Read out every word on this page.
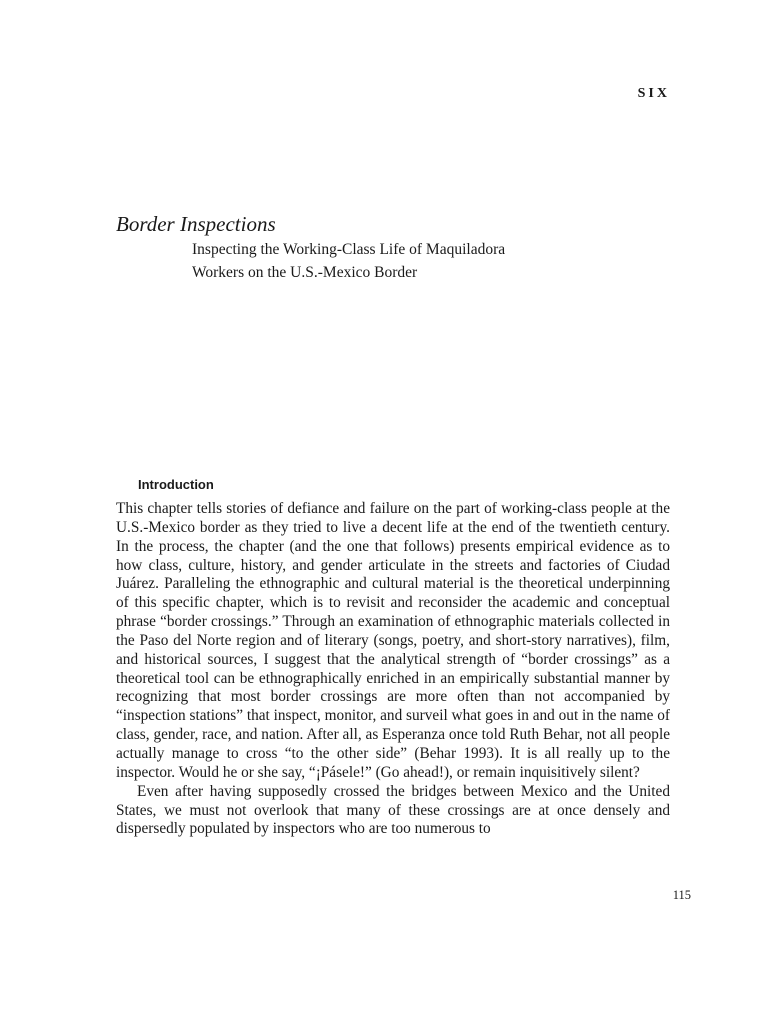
SIX
Border Inspections
Inspecting the Working-Class Life of Maquiladora
Workers on the U.S.-Mexico Border
Introduction

This chapter tells stories of defiance and failure on the part of working-class people at the U.S.-Mexico border as they tried to live a decent life at the end of the twentieth century. In the process, the chapter (and the one that follows) presents empirical evidence as to how class, culture, history, and gender articulate in the streets and factories of Ciudad Juárez. Paralleling the ethnographic and cultural material is the theoretical underpinning of this specific chapter, which is to revisit and reconsider the academic and conceptual phrase “border crossings.” Through an examination of ethnographic materials collected in the Paso del Norte region and of literary (songs, poetry, and short-story narratives), film, and historical sources, I suggest that the analytical strength of “border crossings” as a theoretical tool can be ethnographically enriched in an empirically substantial manner by recognizing that most border crossings are more often than not accompanied by “inspection stations” that inspect, monitor, and surveil what goes in and out in the name of class, gender, race, and nation. After all, as Esperanza once told Ruth Behar, not all people actually manage to cross “to the other side” (Behar 1993). It is all really up to the inspector. Would he or she say, “¡Pásele!” (Go ahead!), or remain inquisitively silent?

Even after having supposedly crossed the bridges between Mexico and the United States, we must not overlook that many of these crossings are at once densely and dispersedly populated by inspectors who are too numerous to

115
